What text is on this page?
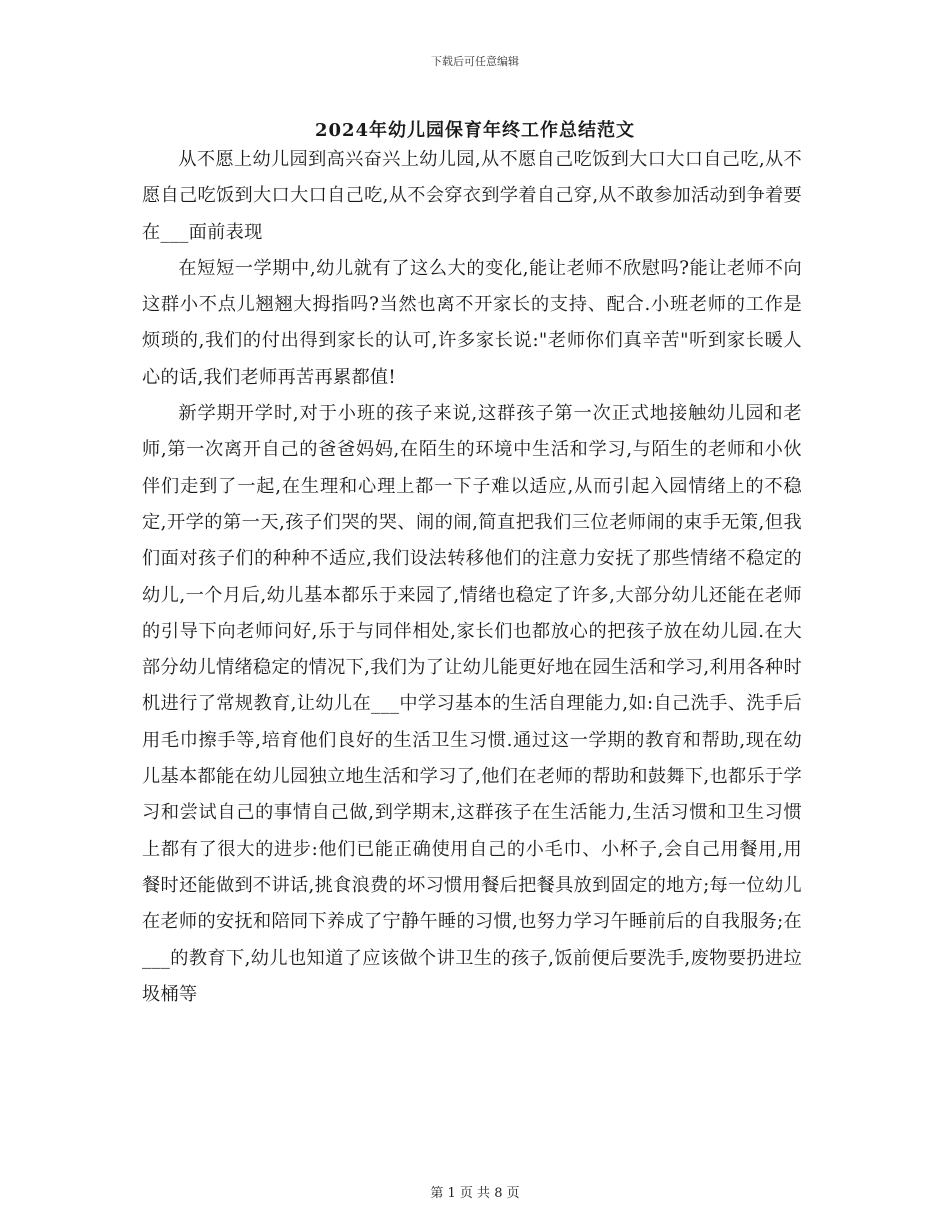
下载后可任意编辑
2024年幼儿园保育年终工作总结范文

从不愿上幼儿园到高兴奋兴上幼儿园,从不愿自己吃饭到大口大口自己吃,从不愿自己吃饭到大口大口自己吃,从不会穿衣到学着自己穿,从不敢参加活动到争着要在___面前表现

在短短一学期中,幼儿就有了这么大的变化,能让老师不欣慰吗?能让老师不向这群小不点儿翘翘大拇指吗?当然也离不开家长的支持、配合.小班老师的工作是烦琐的,我们的付出得到家长的认可,许多家长说:"老师你们真辛苦"听到家长暖人心的话,我们老师再苦再累都值!

新学期开学时,对于小班的孩子来说,这群孩子第一次正式地接触幼儿园和老师,第一次离开自己的爸爸妈妈,在陌生的环境中生活和学习,与陌生的老师和小伙伴们走到了一起,在生理和心理上都一下子难以适应,从而引起入园情绪上的不稳定,开学的第一天,孩子们哭的哭、闹的闹,简直把我们三位老师闹的束手无策,但我们面对孩子们的种种不适应,我们设法转移他们的注意力安抚了那些情绪不稳定的幼儿,一个月后,幼儿基本都乐于来园了,情绪也稳定了许多,大部分幼儿还能在老师的引导下向老师问好,乐于与同伴相处,家长们也都放心的把孩子放在幼儿园.在大部分幼儿情绪稳定的情况下,我们为了让幼儿能更好地在园生活和学习,利用各种时机进行了常规教育,让幼儿在___中学习基本的生活自理能力,如:自己洗手、洗手后用毛巾擦手等,培育他们良好的生活卫生习惯.通过这一学期的教育和帮助,现在幼儿基本都能在幼儿园独立地生活和学习了,他们在老师的帮助和鼓舞下,也都乐于学习和尝试自己的事情自己做,到学期末,这群孩子在生活能力,生活习惯和卫生习惯上都有了很大的进步:他们已能正确使用自己的小毛巾、小杯子,会自己用餐用,用餐时还能做到不讲话,挑食浪费的坏习惯用餐后把餐具放到固定的地方;每一位幼儿在老师的安抚和陪同下养成了宁静午睡的习惯,也努力学习午睡前后的自我服务;在___的教育下,幼儿也知道了应该做个讲卫生的孩子,饭前便后要洗手,废物要扔进垃圾桶等

第 1 页 共 8 页
